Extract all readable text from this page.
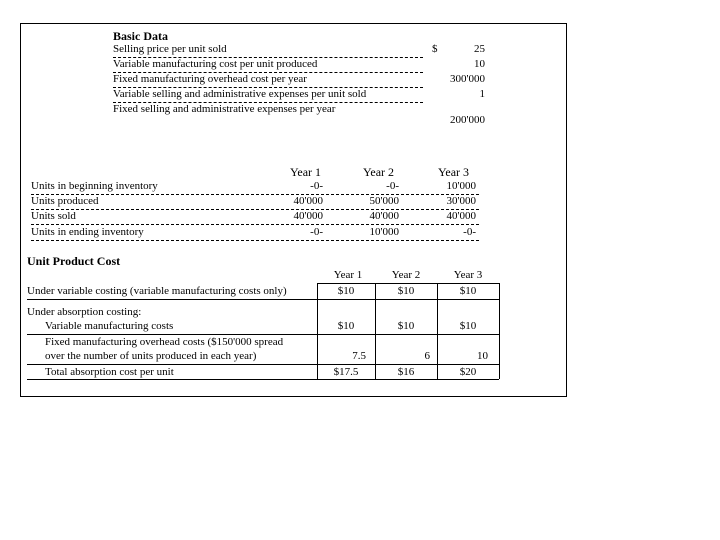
Basic Data
Selling price per unit sold	$	25
Variable manufacturing cost per unit produced	10
Fixed manufacturing overhead cost per year	300'000
Variable selling and administrative expenses per unit sold	1
Fixed selling and administrative expenses per year
200'000
Year 1	Year 2	Year 3
Units in beginning inventory	-0-	-0-	10'000
Units produced	40'000	50'000	30'000
Units sold	40'000	40'000	40'000
Units in ending inventory	-0-	10'000	-0-
Unit Product Cost
Year 1	Year 2	Year 3
Under variable costing (variable manufacturing costs only)	$10	$10	$10
Under absorption costing:
Variable manufacturing costs	$10	$10	$10
Fixed manufacturing overhead costs ($150'000 spread
over the number of units produced in each year)	7.5	6	10
Total absorption cost per unit	$17.5	$16	$20
